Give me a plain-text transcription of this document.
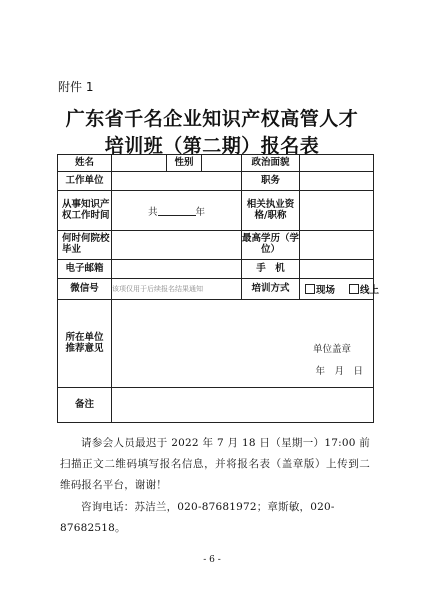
附件 1
广东省千名企业知识产权高管人才
培训班（第二期）报名表
姓名		性别		政治面貌	
工作单位				职务	
从事知识产权工作时间	共 年			相关执业资格/职称	
何时何院校毕业				最高学历（学位）	
电子邮箱				手　机	
微信号	该项仅用于后续报名结果通知			培训方式	现场 线上
所在单位推荐意见	单位盖章
年　月　日				

备注					
请参会人员最迟于 2022 年 7 月 18 日（星期一）17:00 前扫描正文二维码填写报名信息，并将报名表（盖章版）上传到二维码报名平台，谢谢！
咨询电话：苏洁兰，020-87681972；章斯敏，020-87682518。
- 6 -
